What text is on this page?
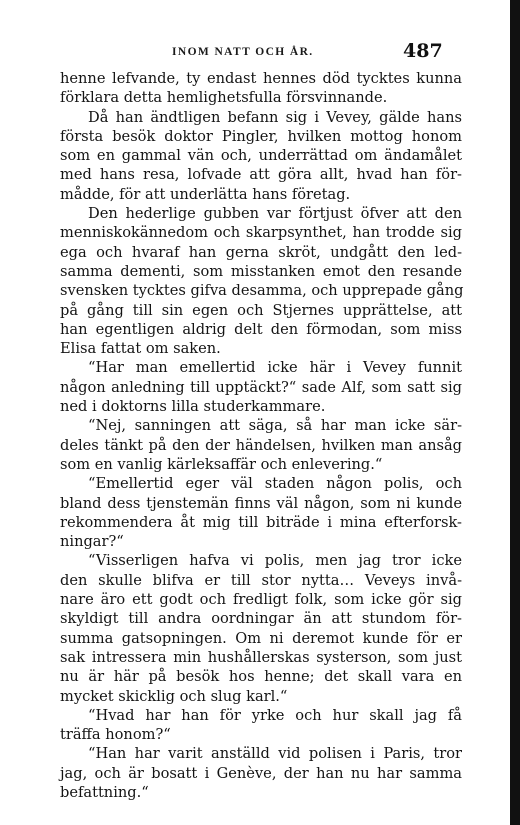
INOM NATT OCH ÅR.	487

henne lefvande, ty endast hennes död tycktes kunna

förklara detta hemlighetsfulla försvinnande.

Då han ändtligen befann sig i Vevey, gälde hans

första besök doktor Pingler, hvilken mottog honom

som en gammal vän och, underrättad om ändamålet

med hans resa, lofvade att göra allt, hvad han för-

mådde, för att underlätta hans företag.

Den hederlige gubben var förtjust öfver att den

menniskokännedom och skarpsynthet, han trodde sig

ega och hvaraf han gerna skröt, undgått den led-

samma dementi, som misstanken emot den resande

svensken tycktes gifva desamma, och upprepade gång

på gång till sin egen och Stjernes upprättelse, att

han egentligen aldrig delt den förmodan, som miss

Elisa fattat om saken.

“Har man emellertid icke här i Vevey funnit

någon anledning till upptäckt?“ sade Alf, som satt sig

ned i doktorns lilla studerkammare.

“Nej, sanningen att säga, så har man icke sär-

deles tänkt på den der händelsen, hvilken man ansåg

som en vanlig kärleksaffär och enlevering.“

“Emellertid eger väl staden någon polis, och

bland dess tjenstemän finns väl någon, som ni kunde

rekommendera åt mig till biträde i mina efterforsk-

ningar?“

“Visserligen hafva vi polis, men jag tror icke

den skulle blifva er till stor nytta… Veveys invå-

nare äro ett godt och fredligt folk, som icke gör sig

skyldigt till andra oordningar än att stundom för-

summa gatsopningen. Om ni deremot kunde för er

sak intressera min hushållerskas systerson, som just

nu är här på besök hos henne; det skall vara en

mycket skicklig och slug karl.“

“Hvad har han för yrke och hur skall jag få

träffa honom?“

“Han har varit anställd vid polisen i Paris, tror

jag, och är bosatt i Genève, der han nu har samma

befattning.“
